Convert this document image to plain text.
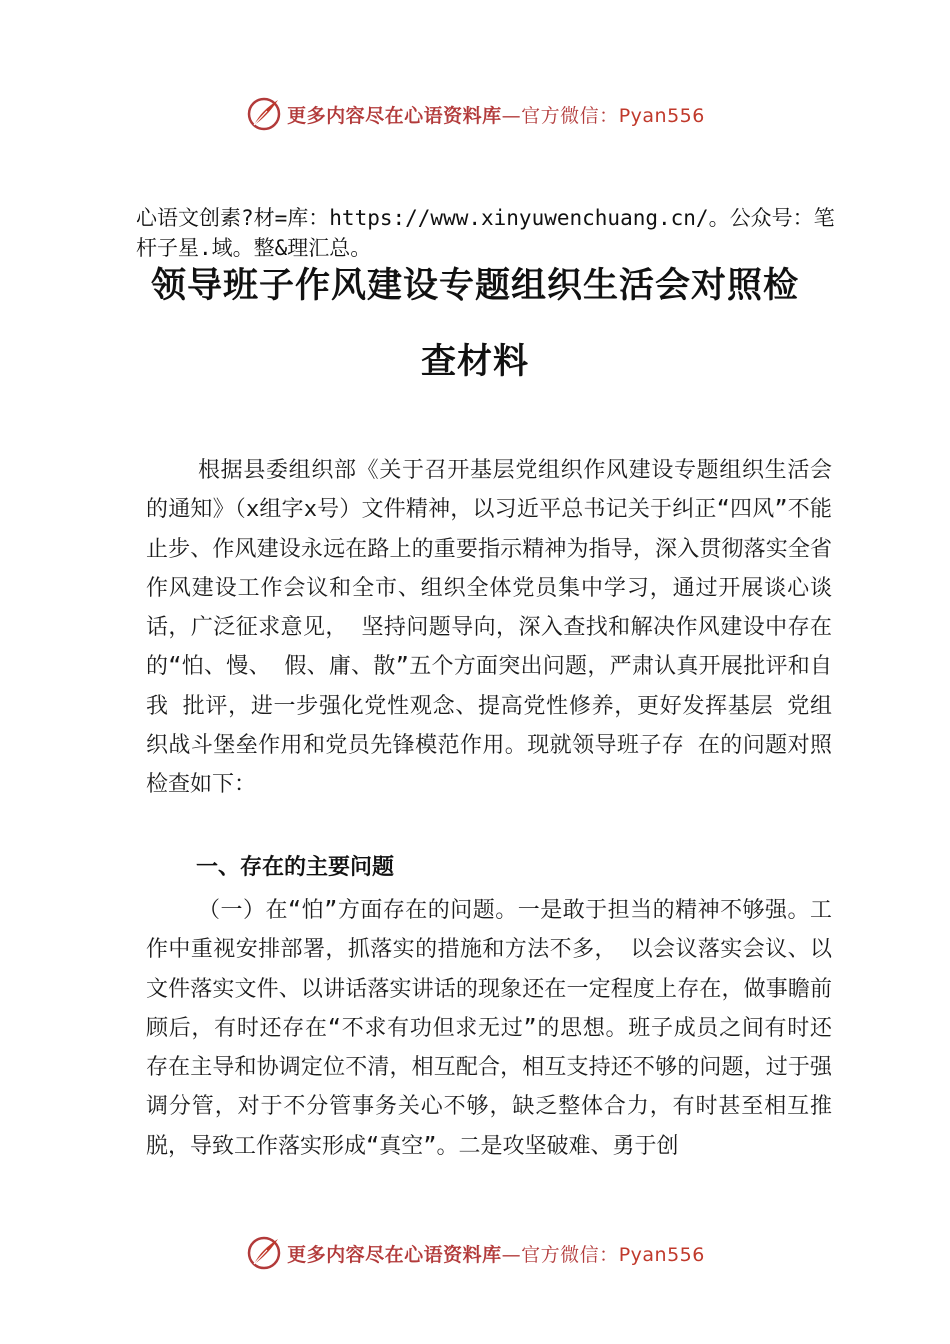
更多内容尽在心语资料库—官方微信：Pyan556
心语文创素?材=库：https://www.xinyuwenchuang.cn/。公众号：笔杆子星.域。整&理汇总。
领导班子作风建设专题组织生活会对照检
查材料

根据县委组织部《关于召开基层党组织作风建设专题组织生活会的通知》（x组字x号）文件精神，以习近平总书记关于纠正“四风”不能止步、作风建设永远在路上的重要指示精神为指导，深入贯彻落实全省作风建设工作会议和全市、组织全体党员集中学习，通过开展谈心谈话，广泛征求意见， 坚持问题导向，深入查找和解决作风建设中存在的“怕、慢、 假、庸、散”五个方面突出问题，严肃认真开展批评和自我 批评，进一步强化党性观念、提高党性修养，更好发挥基层 党组织战斗堡垒作用和党员先锋模范作用。现就领导班子存 在的问题对照检查如下：

一、存在的主要问题

（一）在“怕”方面存在的问题。一是敢于担当的精神不够强。工作中重视安排部署，抓落实的措施和方法不多， 以会议落实会议、以文件落实文件、以讲话落实讲话的现象还在一定程度上存在，做事瞻前顾后，有时还存在“不求有功但求无过”的思想。班子成员之间有时还存在主导和协调定位不清，相互配合，相互支持还不够的问题，过于强调分管，对于不分管事务关心不够，缺乏整体合力，有时甚至相互推脱，导致工作落实形成“真空”。二是攻坚破难、勇于创

更多内容尽在心语资料库—官方微信：Pyan556
